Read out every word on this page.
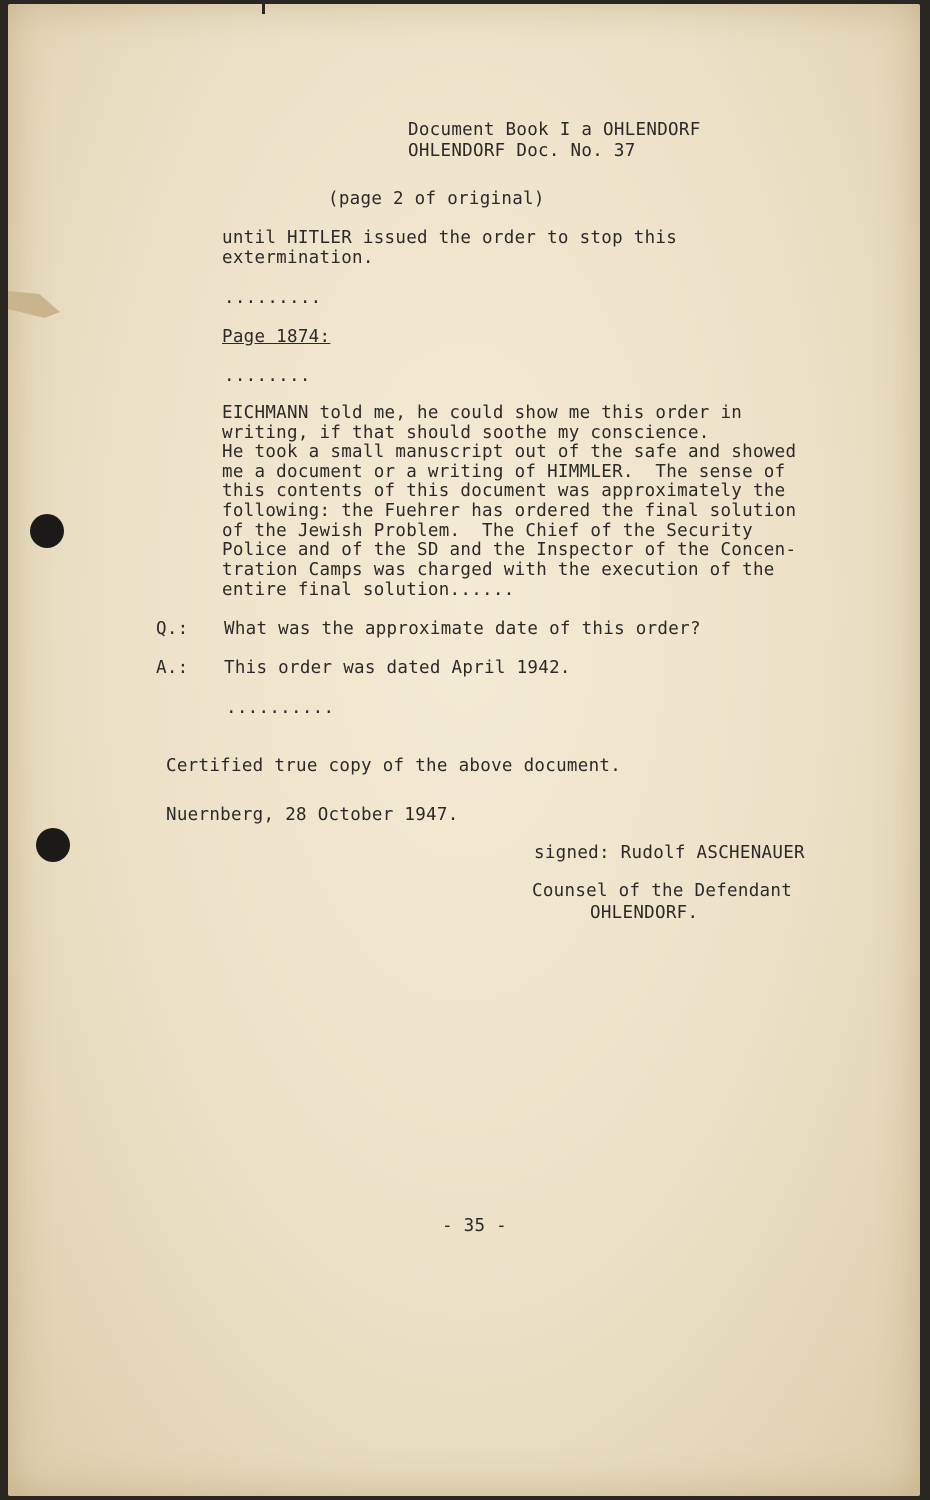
Document Book I a OHLENDORF
OHLENDORF Doc. No. 37
(page 2 of original)
until HITLER issued the order to stop this
extermination.
.........
Page 1874:
........
EICHMANN told me, he could show me this order in
writing, if that should soothe my conscience.
He took a small manuscript out of the safe and showed
me a document or a writing of HIMMLER.  The sense of
this contents of this document was approximately the
following: the Fuehrer has ordered the final solution
of the Jewish Problem.  The Chief of the Security
Police and of the SD and the Inspector of the Concen-
tration Camps was charged with the execution of the
entire final solution......
Q.: What was the approximate date of this order?
A.: This order was dated April 1942.
..........
Certified true copy of the above document.
Nuernberg, 28 October 1947.
signed: Rudolf ASCHENAUER
Counsel of the Defendant
OHLENDORF.
- 35 -
